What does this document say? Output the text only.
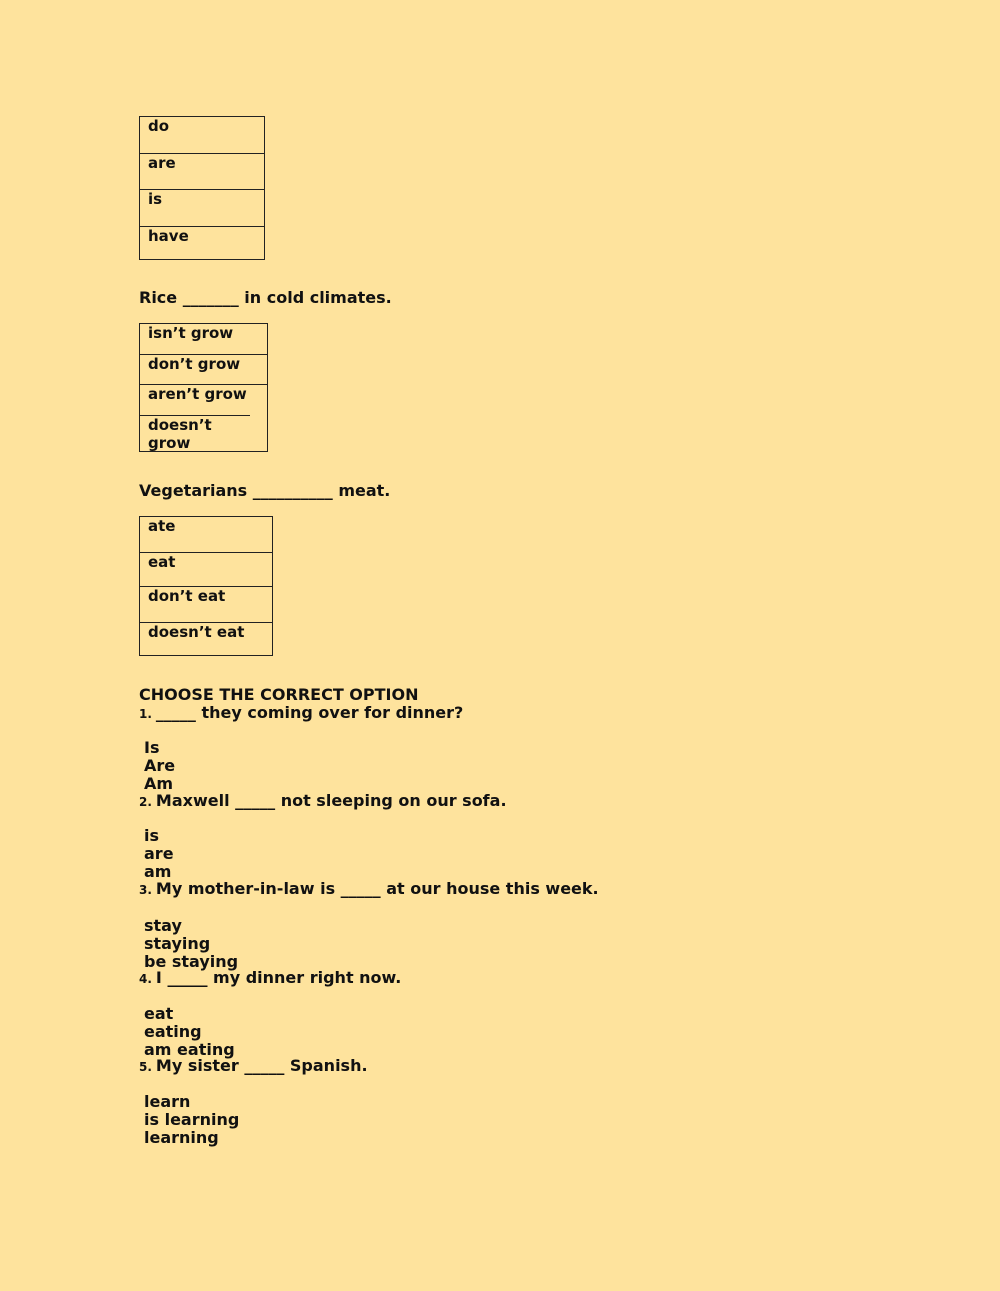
do
are
is
have
Rice _______ in cold climates.
isn’t grow
don’t grow
aren’t grow
doesn’t grow
Vegetarians __________ meat.
ate
eat
don’t eat
doesn’t eat
CHOOSE THE CORRECT OPTION
1. _____ they coming over for dinner?
Is
Are
Am
2. Maxwell _____ not sleeping on our sofa.
is
are
am
3. My mother-in-law is _____ at our house this week.
stay
staying
be staying
4. I _____ my dinner right now.
eat
eating
am eating
5. My sister _____ Spanish.
learn
is learning
learning
